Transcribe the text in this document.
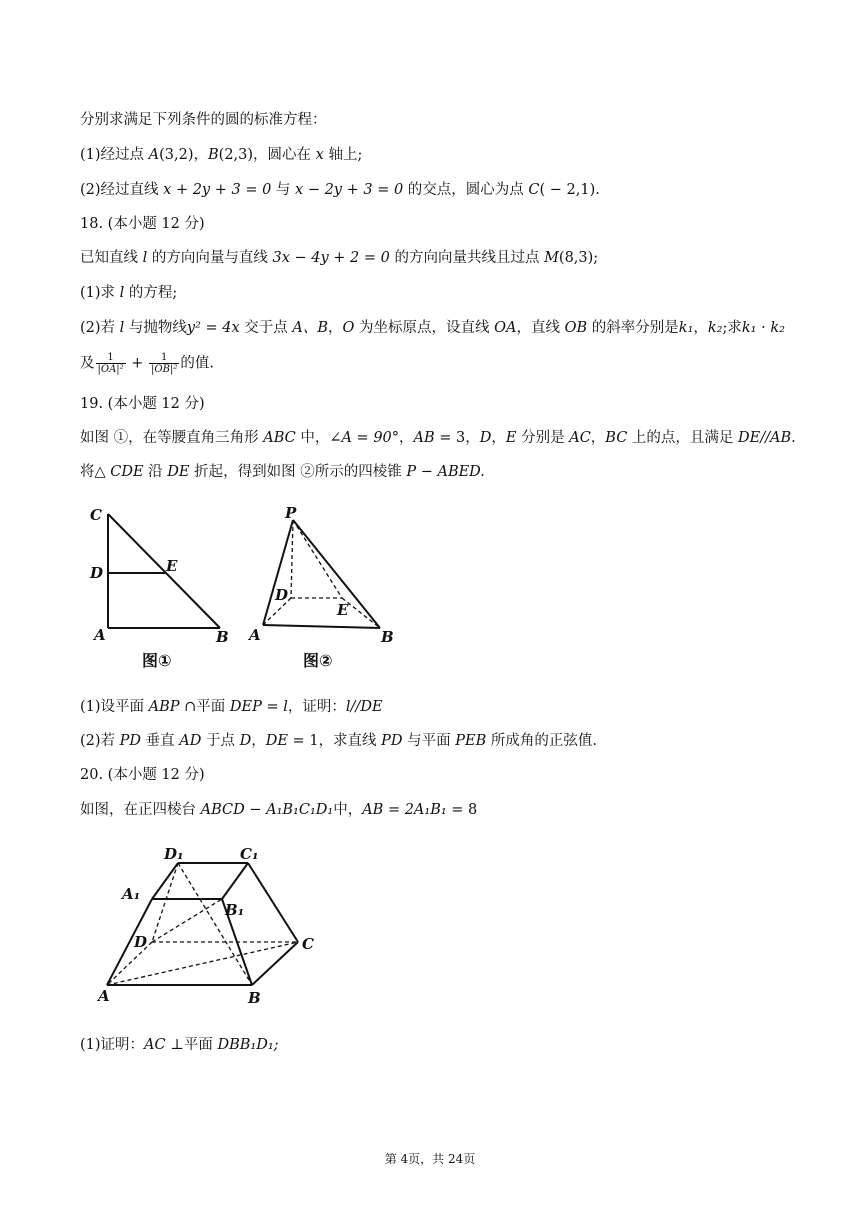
分别求满足下列条件的圆的标准方程：
(1)经过点 A(3,2)，B(2,3)，圆心在 x 轴上;
(2)经过直线 x + 2y + 3 = 0 与 x − 2y + 3 = 0 的交点，圆心为点 C( − 2,1).
18. (本小题 12 分)
已知直线 l 的方向向量与直线 3x − 4y + 2 = 0 的方向向量共线且过点 M(8,3);
(1)求 l 的方程;
(2)若 l 与抛物线y² = 4x 交于点 A、B，O 为坐标原点，设直线 OA，直线 OB 的斜率分别是k₁，k₂;求k₁ · k₂
及 $\frac{1}{\text{|OA|²}} + \frac{1}{\text{|OB|²}}$ 的值.
19. (本小题 12 分)
如图 ①，在等腰直角三角形 ABC 中，∠A = 90°，AB = 3，D，E 分别是 AC，BC 上的点，且满足 DE//AB.
将△ CDE 沿 DE 折起，得到如图 ②所示的四棱锥 P − ABED.
C
D	E
A	B
图①
P
D
E
A	B
图②
(1)设平面 ABP ∩平面 DEP = l，证明：l//DE
(2)若 PD 垂直 AD 于点 D，DE = 1，求直线 PD 与平面 PEB 所成角的正弦值.
20. (本小题 12 分)
如图，在正四棱台 ABCD − A₁B₁C₁D₁中，AB = 2A₁B₁ = 8
D₁	C₁
A₁
B₁
D	C
A	B
(1)证明：AC ⊥平面 DBB₁D₁;
第 4页，共 24页
